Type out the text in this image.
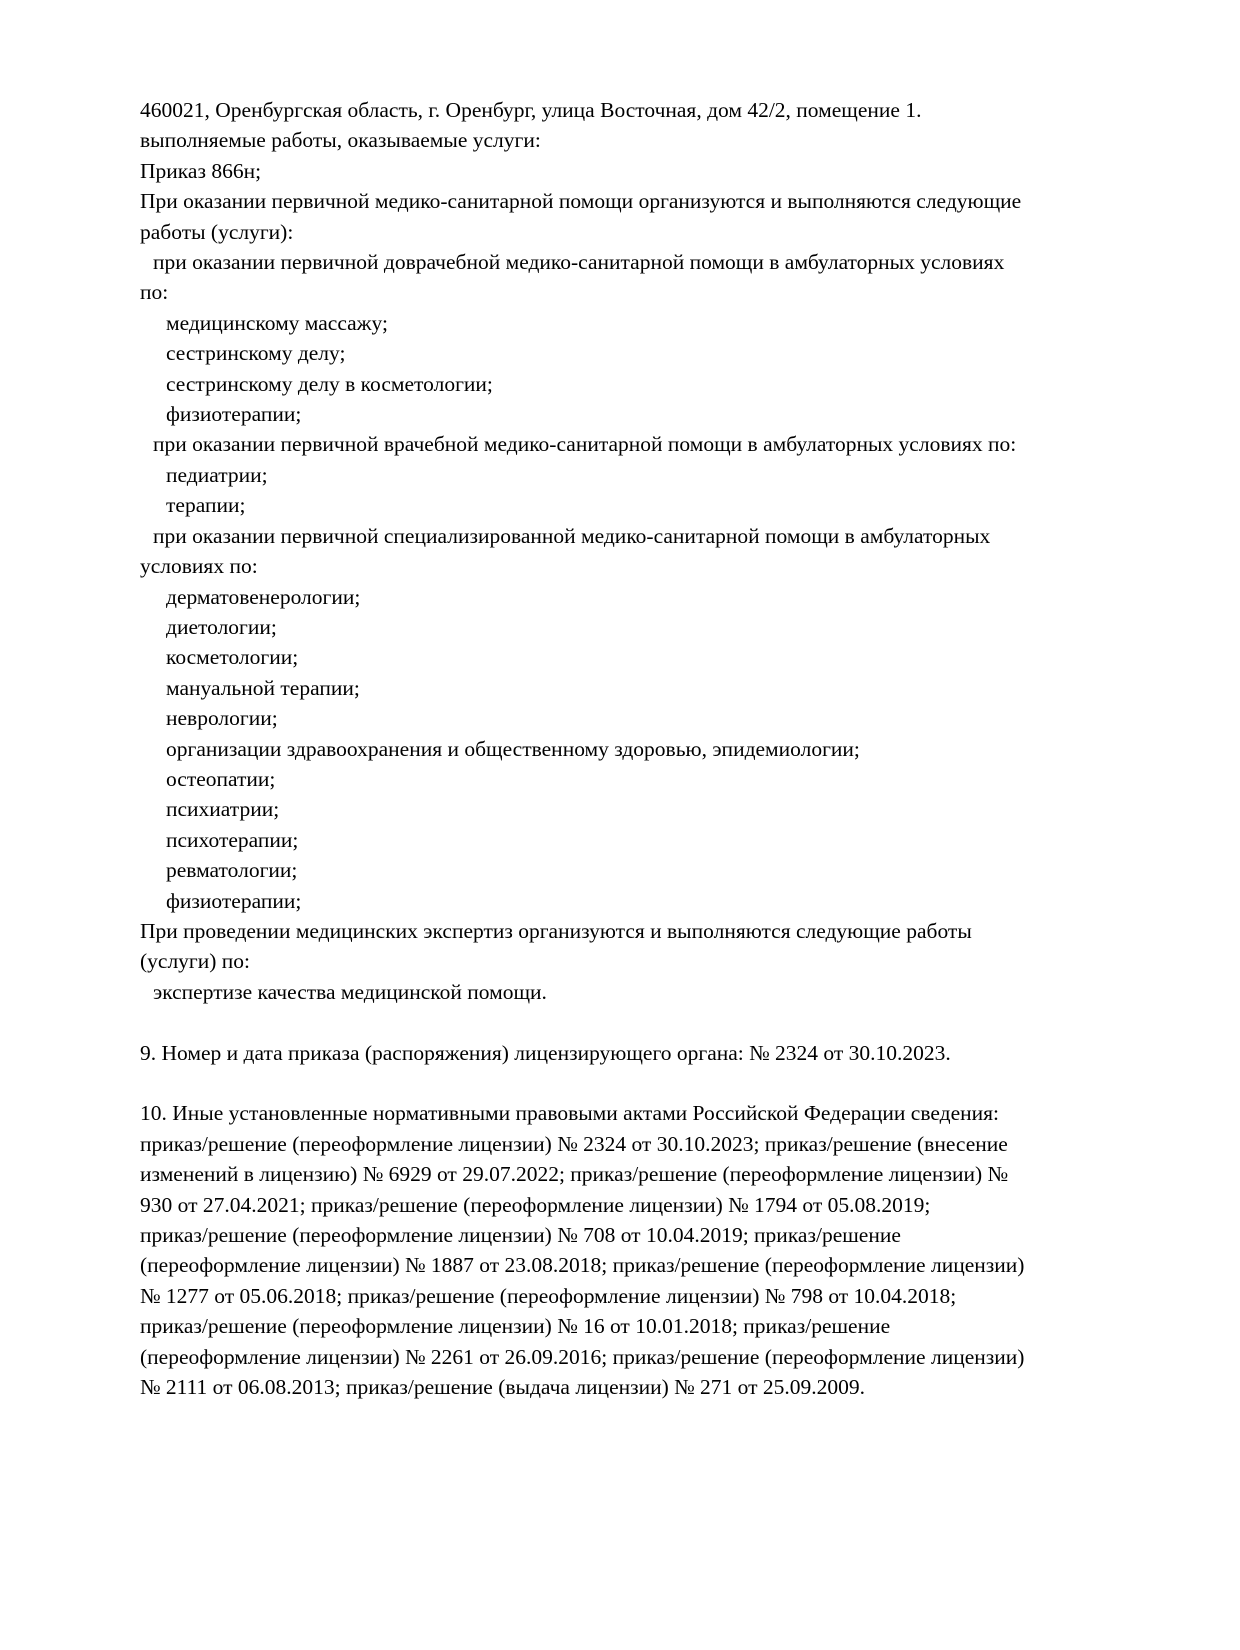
460021, Оренбургская область, г. Оренбург, улица Восточная, дом 42/2, помещение 1.
выполняемые работы, оказываемые услуги:
Приказ 866н;
При оказании первичной медико-санитарной помощи организуются и выполняются следующие
работы (услуги):
при оказании первичной доврачебной медико-санитарной помощи в амбулаторных условиях
по:
медицинскому массажу;
сестринскому делу;
сестринскому делу в косметологии;
физиотерапии;
при оказании первичной врачебной медико-санитарной помощи в амбулаторных условиях по:
педиатрии;
терапии;
при оказании первичной специализированной медико-санитарной помощи в амбулаторных
условиях по:
дерматовенерологии;
диетологии;
косметологии;
мануальной терапии;
неврологии;
организации здравоохранения и общественному здоровью, эпидемиологии;
остеопатии;
психиатрии;
психотерапии;
ревматологии;
физиотерапии;
При проведении медицинских экспертиз организуются и выполняются следующие работы
(услуги) по:
экспертизе качества медицинской помощи.

9. Номер и дата приказа (распоряжения) лицензирующего органа: № 2324 от 30.10.2023.

10. Иные установленные нормативными правовыми актами Российской Федерации сведения:
приказ/решение (переоформление лицензии) № 2324 от 30.10.2023; приказ/решение (внесение
изменений в лицензию) № 6929 от 29.07.2022; приказ/решение (переоформление лицензии) №
930 от 27.04.2021; приказ/решение (переоформление лицензии) № 1794 от 05.08.2019;
приказ/решение (переоформление лицензии) № 708 от 10.04.2019; приказ/решение
(переоформление лицензии) № 1887 от 23.08.2018; приказ/решение (переоформление лицензии)
№ 1277 от 05.06.2018; приказ/решение (переоформление лицензии) № 798 от 10.04.2018;
приказ/решение (переоформление лицензии) № 16 от 10.01.2018; приказ/решение
(переоформление лицензии) № 2261 от 26.09.2016; приказ/решение (переоформление лицензии)
№ 2111 от 06.08.2013; приказ/решение (выдача лицензии) № 271 от 25.09.2009.
